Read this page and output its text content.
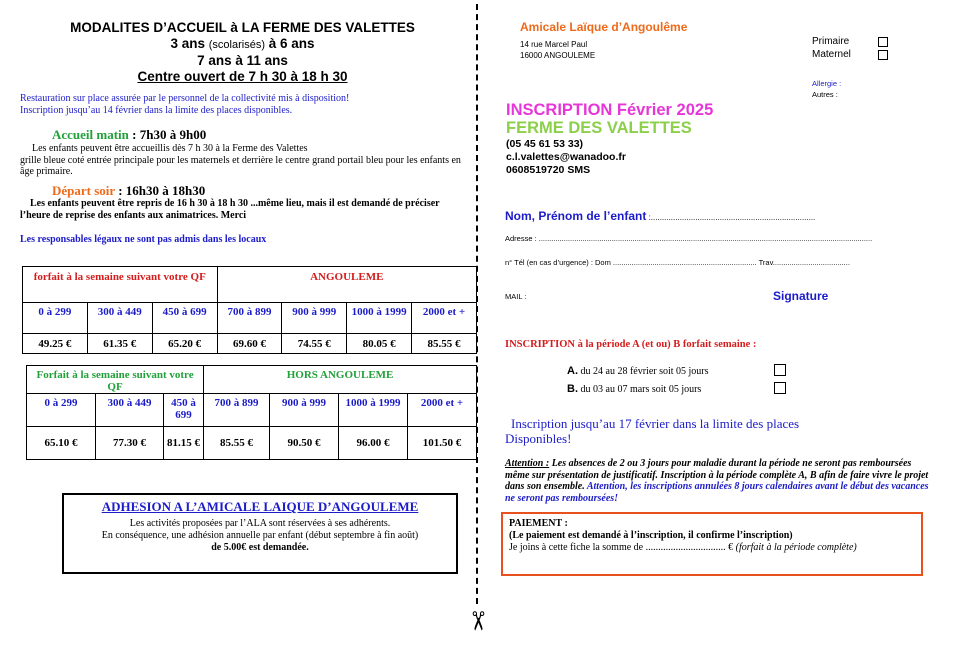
MODALITES D’ACCUEIL à LA FERME DES VALETTES
3 ans (scolarisés) à 6 ans
7 ans à 11 ans
Centre ouvert de 7 h 30 à 18 h 30
Restauration sur place assurée par le personnel de la collectivité mis à disposition!
Inscription jusqu’au 14 février dans la limite des places disponibles.
Accueil matin : 7h30 à 9h00
Les enfants peuvent être accueillis dès 7 h 30 à la Ferme des Valettes
grille bleue coté entrée principale pour les maternels et derrière le centre grand portail bleu pour les enfants en âge primaire.
Départ soir : 16h30 à 18h30
Les enfants peuvent être repris de 16 h 30 à 18 h 30 ...même lieu, mais il est demandé de préciser l’heure de reprise des enfants aux animatrices. Merci
Les responsables légaux ne sont pas admis dans les locaux
forfait à la semaine suivant votre QF			ANGOULEME			
0 à 299	300 à 449	450 à 699	700 à 899	900 à 999	1000 à 1999	2000 et +
49.25 €	61.35 €	65.20 €	69.60 €	74.55 €	80.05 €	85.55 €
Forfait à la semaine suivant votre QF			HORS ANGOULEME			
0 à 299	300 à 449	450 à 699	700 à 899	900 à 999	1000 à 1999	2000 et +
65.10 €	77.30 €	81.15 €	85.55 €	90.50 €	96.00 €	101.50 €
ADHESION A L’AMICALE LAIQUE D’ANGOULEME
Les activités proposées par l’ALA sont réservées à ses adhérents.
En conséquence, une adhésion annuelle par enfant (début septembre à fin août)
de 5.00€ est demandée.
✂
Amicale Laïque d’Angoulême
14 rue Marcel Paul
16000 ANGOULEME
Primaire
Maternel
Allergie :
Autres :
INSCRIPTION Février 2025
FERME DES VALETTES
(05 45 61 53 33)
c.l.valettes@wanadoo.fr
0608519720 SMS
Nom, Prénom de l’enfant :..........................................................................
Adresse : ................................................................................................................................................................
n° Tél (en cas d’urgence) : Dom ..................................................................... Trav.....................................
MAIL :	Signature
INSCRIPTION à la période A (et ou) B forfait semaine :
A. du 24 au 28 février soit 05 jours
B. du 03 au 07 mars soit 05 jours
Inscription jusqu’au 17 février dans la limite des places
Disponibles!
Attention : Les absences de 2 ou 3 jours pour maladie durant la période ne seront pas remboursées même sur présentation de justificatif. Inscription à la période complète A, B afin de faire vivre le projet dans son ensemble. Attention, les inscriptions annulées 8 jours calendaires avant le début des vacances ne seront pas remboursées!
PAIEMENT :
(Le paiement est demandé à l’inscription, il confirme l’inscription)
Je joins à cette fiche la somme de ................................ € (forfait à la période complète)
